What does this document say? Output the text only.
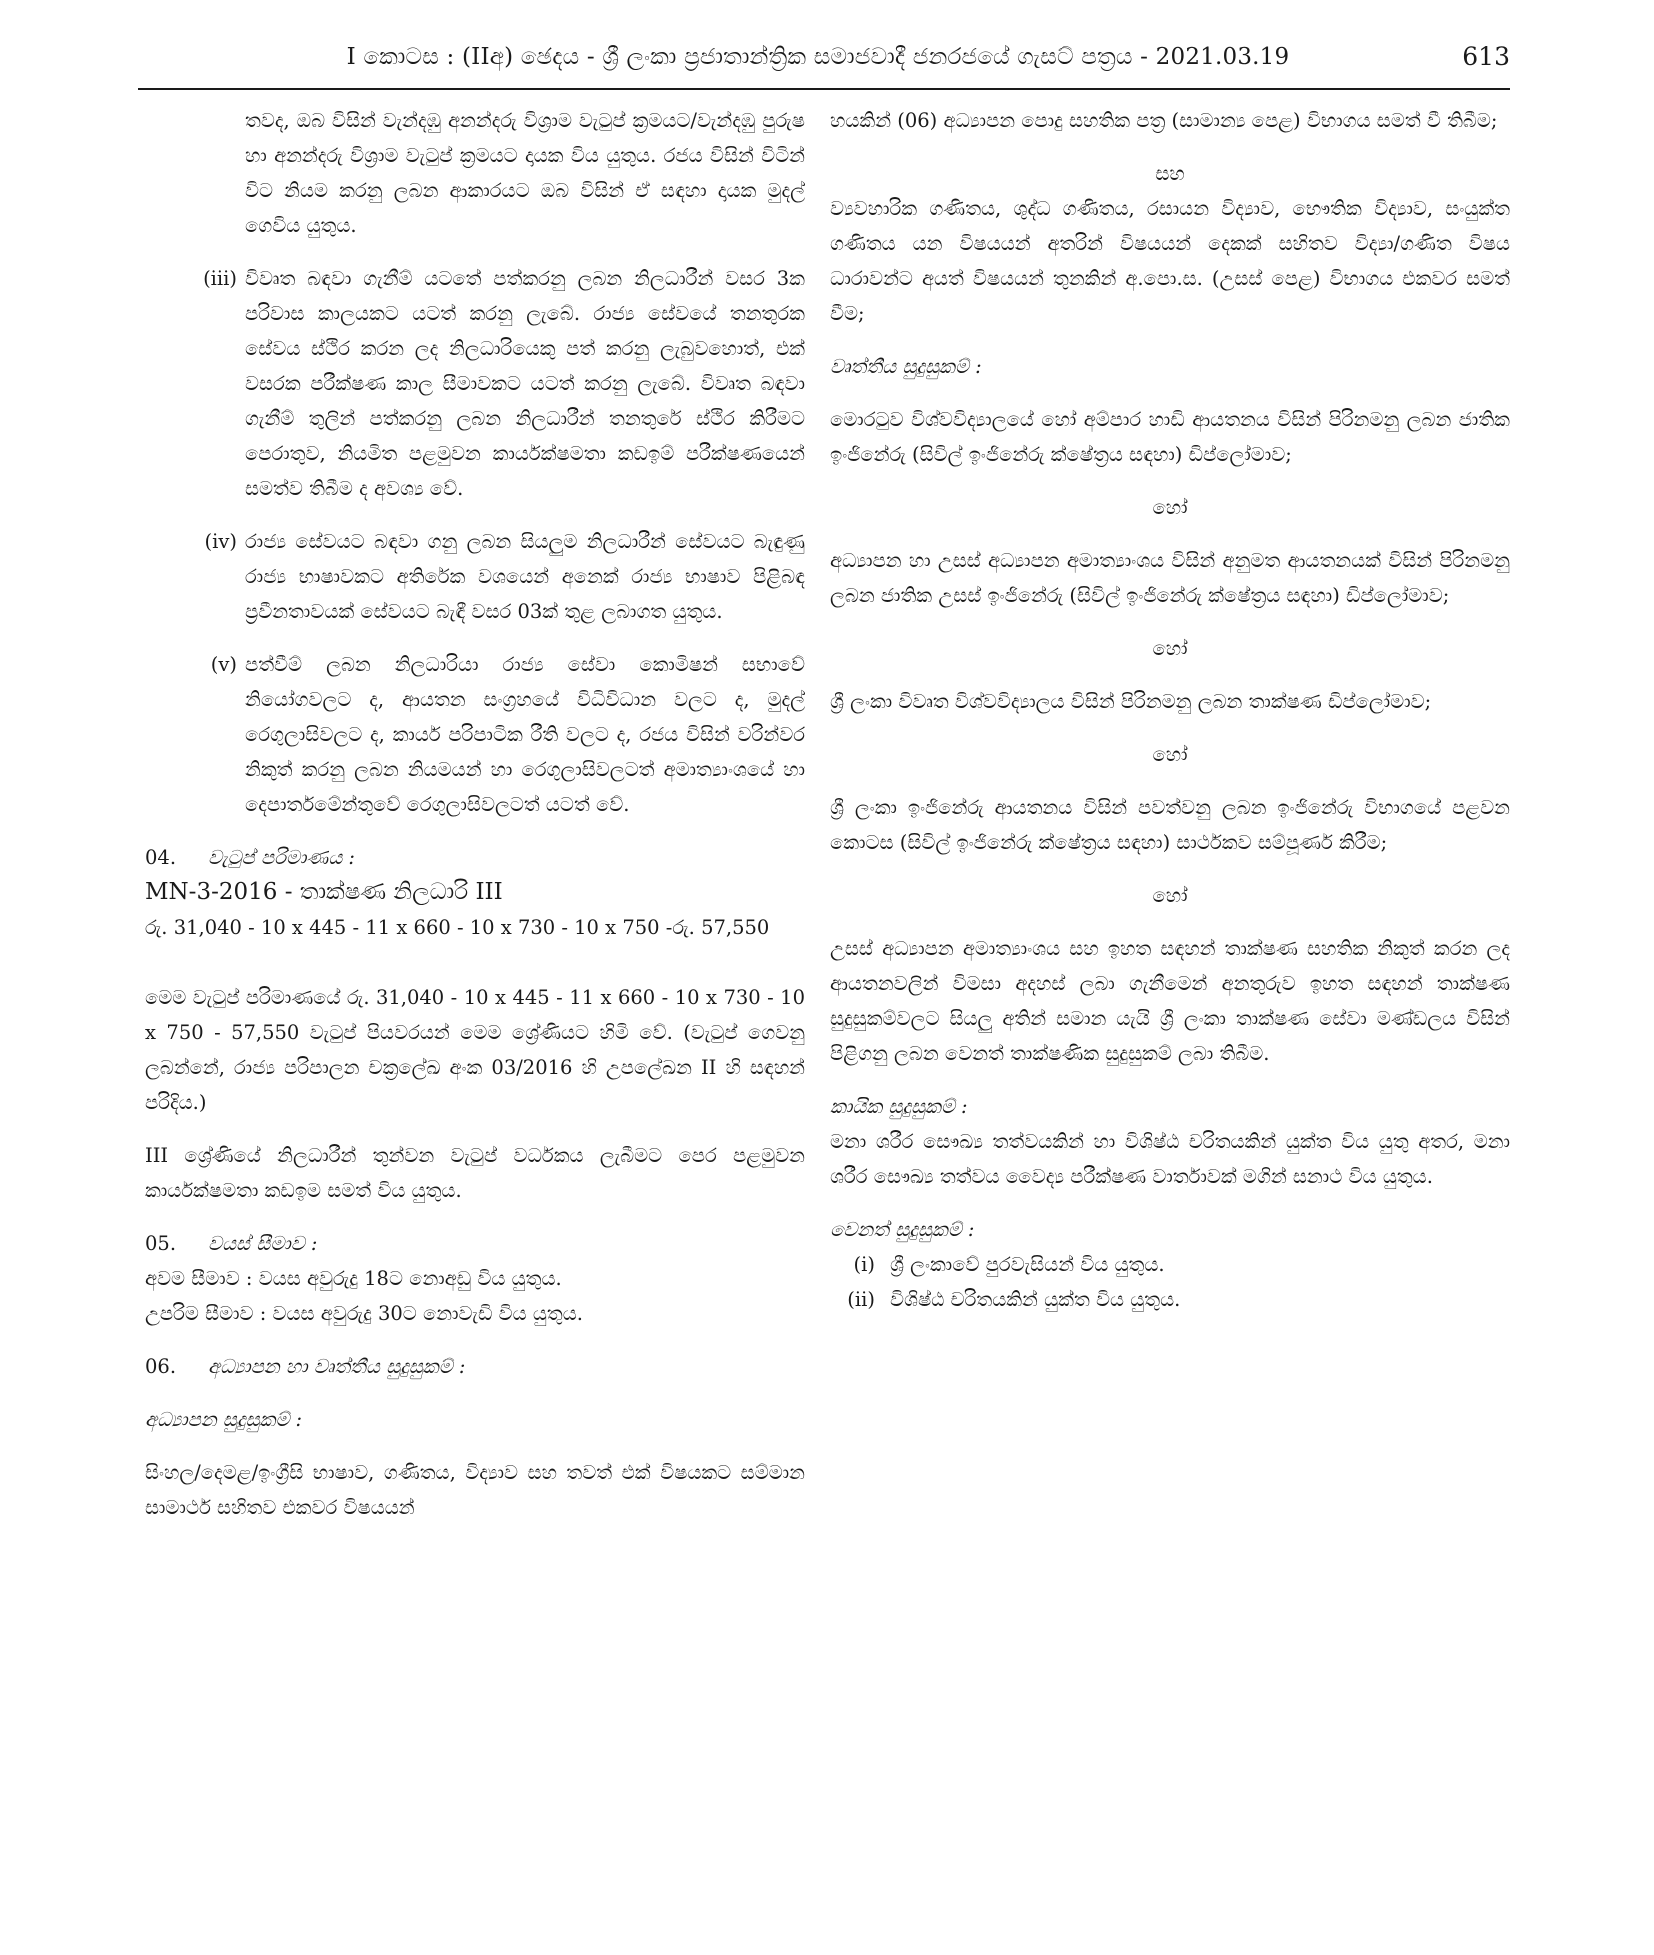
I කොටස : (IIඅ) ඡෙදය - ශ්‍රී ලංකා ප්‍රජාතාන්ත්‍රික සමාජවාදී ජනරජයේ ගැසට් පත්‍රය - 2021.03.19	613

තවද, ඔබ විසින් වැන්දඹු අනන්දරු විශ්‍රාම වැටුප් ක්‍රමයට/වැන්දඹු පුරුෂ හා අනන්දරු විශ්‍රාම වැටුප් ක්‍රමයට දායක විය යුතුය. රජය විසින් විටින් විට නියම කරනු ලබන ආකාරයට ඔබ විසින් ඒ සඳහා දායක මුදල් ගෙවිය යුතුය.

(iii) විවෘත බඳවා ගැනීම් යටතේ පත්කරනු ලබන නිලධාරීන් වසර 3ක පරිවාස කාලයකට යටත් කරනු ලැබේ. රාජ්‍ය සේවයේ තනතුරක සේවය ස්ථිර කරන ලද නිලධාරියෙකු පත් කරනු ලැබුවහොත්, එක් වසරක පරීක්ෂණ කාල සීමාවකට යටත් කරනු ලැබේ. විවෘත බඳවා ගැනීම් තුලින් පත්කරනු ලබන නිලධාරීන් තනතුරේ ස්ථිර කිරීමට පෙරාතුව, නියමිත පළමුවන කාර්යක්ෂමතා කඩඉම් පරීක්ෂණයෙන් සමත්ව තිබීම ද අවශ්‍ය වේ.

(iv) රාජ්‍ය සේවයට බඳවා ගනු ලබන සියලුම නිලධාරීන් සේවයට බැඳුණු රාජ්‍ය භාෂාවකට අතිරේක වශයෙන් අනෙක් රාජ්‍ය භාෂාව පිළිබඳ ප්‍රවීනතාවයක් සේවයට බැඳී වසර 03ක් තුළ ලබාගත යුතුය.

(v) පත්වීම් ලබන නිලධාරියා රාජ්‍ය සේවා කොමිෂන් සභාවේ නියෝගවලට ද, ආයතන සංග්‍රහයේ විධිවිධාන වලට ද, මුදල් රෙගුලාසිවලට ද, කාර්ය පරිපාටික රීති වලට ද, රජය විසින් වරින්වර නිකුත් කරනු ලබන නියමයන් හා රෙගුලාසිවලටත් අමාත්‍යාංශයේ හා දෙපාර්තමේන්තුවේ රෙගුලාසිවලටත් යටත් වේ.

04. වැටුප් පරිමාණය :

MN-3-2016 - තාක්ෂණ නිලධාරි III

රු. 31,040 - 10 x 445 - 11 x 660 - 10 x 730 - 10 x 750 -රු. 57,550

මෙම වැටුප් පරිමාණයේ රු. 31,040 - 10 x 445 - 11 x 660 - 10 x 730 - 10 x 750 - 57,550 වැටුප් පියවරයන් මෙම ශ්‍රේණියට හිමි වේ. (වැටුප් ගෙවනු ලබන්නේ, රාජ්‍ය පරිපාලන චක්‍රලේඛ අංක 03/2016 හි උපලේඛන II හි සඳහන් පරිදිය.)

III ශ්‍රේණියේ නිලධාරීන් තුන්වන වැටුප් වර්ධකය ලැබීමට පෙර පළමුවන කාර්යක්ෂමතා කඩඉම සමත් විය යුතුය.

05. වයස් සීමාව :

අවම සීමාව : වයස අවුරුදු 18ට නොඅඩු විය යුතුය.

උපරිම සීමාව : වයස අවුරුදු 30ට නොවැඩි විය යුතුය.

06. අධ්‍යාපන හා වෘත්තීය සුදුසුකම් :

අධ්‍යාපන සුදුසුකම් :

සිංහල/දෙමළ/ඉංග්‍රීසි භාෂාව, ගණිතය, විද්‍යාව සහ තවත් එක් විෂයකට සම්මාන සාමාර්ථ සහිතව එකවර විෂයයන්

හයකින් (06) අධ්‍යාපන පොදු සහතික පත්‍ර (සාමාන්‍ය පෙළ) විභාගය සමත් වී තිබීම;

සහ

ව්‍යවහාරික ගණිතය, ශුද්ධ ගණිතය, රසායන විද්‍යාව, භෞතික විද්‍යාව, සංයුක්ත ගණිතය යන විෂයයන් අතරින් විෂයයන් දෙකක් සහිතව විද්‍යා/ගණිත විෂය ධාරාවන්ට අයත් විෂයයන් තුනකින් අ.පො.ස. (උසස් පෙළ) විභාගය එකවර සමත් වීම;

වෘත්තීය සුදුසුකම් :

මොරටුව විශ්වවිද්‍යාලයේ හෝ අම්පාර හාඩි ආයතනය විසින් පිරිනමනු ලබන ජාතික ඉංජිනේරු (සිවිල් ඉංජිනේරු ක්ෂේත්‍රය සඳහා) ඩිප්ලෝමාව;

හෝ

අධ්‍යාපන හා උසස් අධ්‍යාපන අමාත්‍යාංශය විසින් අනුමත ආයතනයක් විසින් පිරිනමනු ලබන ජාතික උසස් ඉංජිනේරු (සිවිල් ඉංජිනේරු ක්ෂේත්‍රය සඳහා) ඩිප්ලෝමාව;

හෝ

ශ්‍රී ලංකා විවෘත විශ්වවිද්‍යාලය විසින් පිරිනමනු ලබන තාක්ෂණ ඩිප්ලෝමාව;

හෝ

ශ්‍රී ලංකා ඉංජිනේරු ආයතනය විසින් පවත්වනු ලබන ඉංජිනේරු විභාගයේ පළවන කොටස (සිවිල් ඉංජිනේරු ක්ෂේත්‍රය සඳහා) සාර්ථකව සම්පූර්ණ කිරීම;

හෝ

උසස් අධ්‍යාපන අමාත්‍යාංශය සහ ඉහත සඳහන් තාක්ෂණ සහතික නිකුත් කරන ලද ආයතනවලින් විමසා අදහස් ලබා ගැනීමෙන් අනතුරුව ඉහත සඳහන් තාක්ෂණ සුදුසුකම්වලට සියලු අතින් සමාන යැයි ශ්‍රී ලංකා තාක්ෂණ සේවා මණ්ඩලය විසින් පිළිගනු ලබන වෙනත් තාක්ෂණික සුදුසුකම් ලබා තිබීම.

කායික සුදුසුකම් :

මනා ශරීර සෞඛ්‍ය තත්වයකින් හා විශිෂ්ඨ චරිතයකින් යුක්ත විය යුතු අතර, මනා ශරීර සෞඛ්‍ය තත්වය වෛද්‍ය පරීක්ෂණ වාර්තාවක් මගින් සනාථ විය යුතුය.

වෙනත් සුදුසුකම් :

(i) ශ්‍රී ලංකාවේ පුරවැසියන් විය යුතුය.

(ii) විශිෂ්ඨ චරිතයකින් යුක්ත විය යුතුය.
